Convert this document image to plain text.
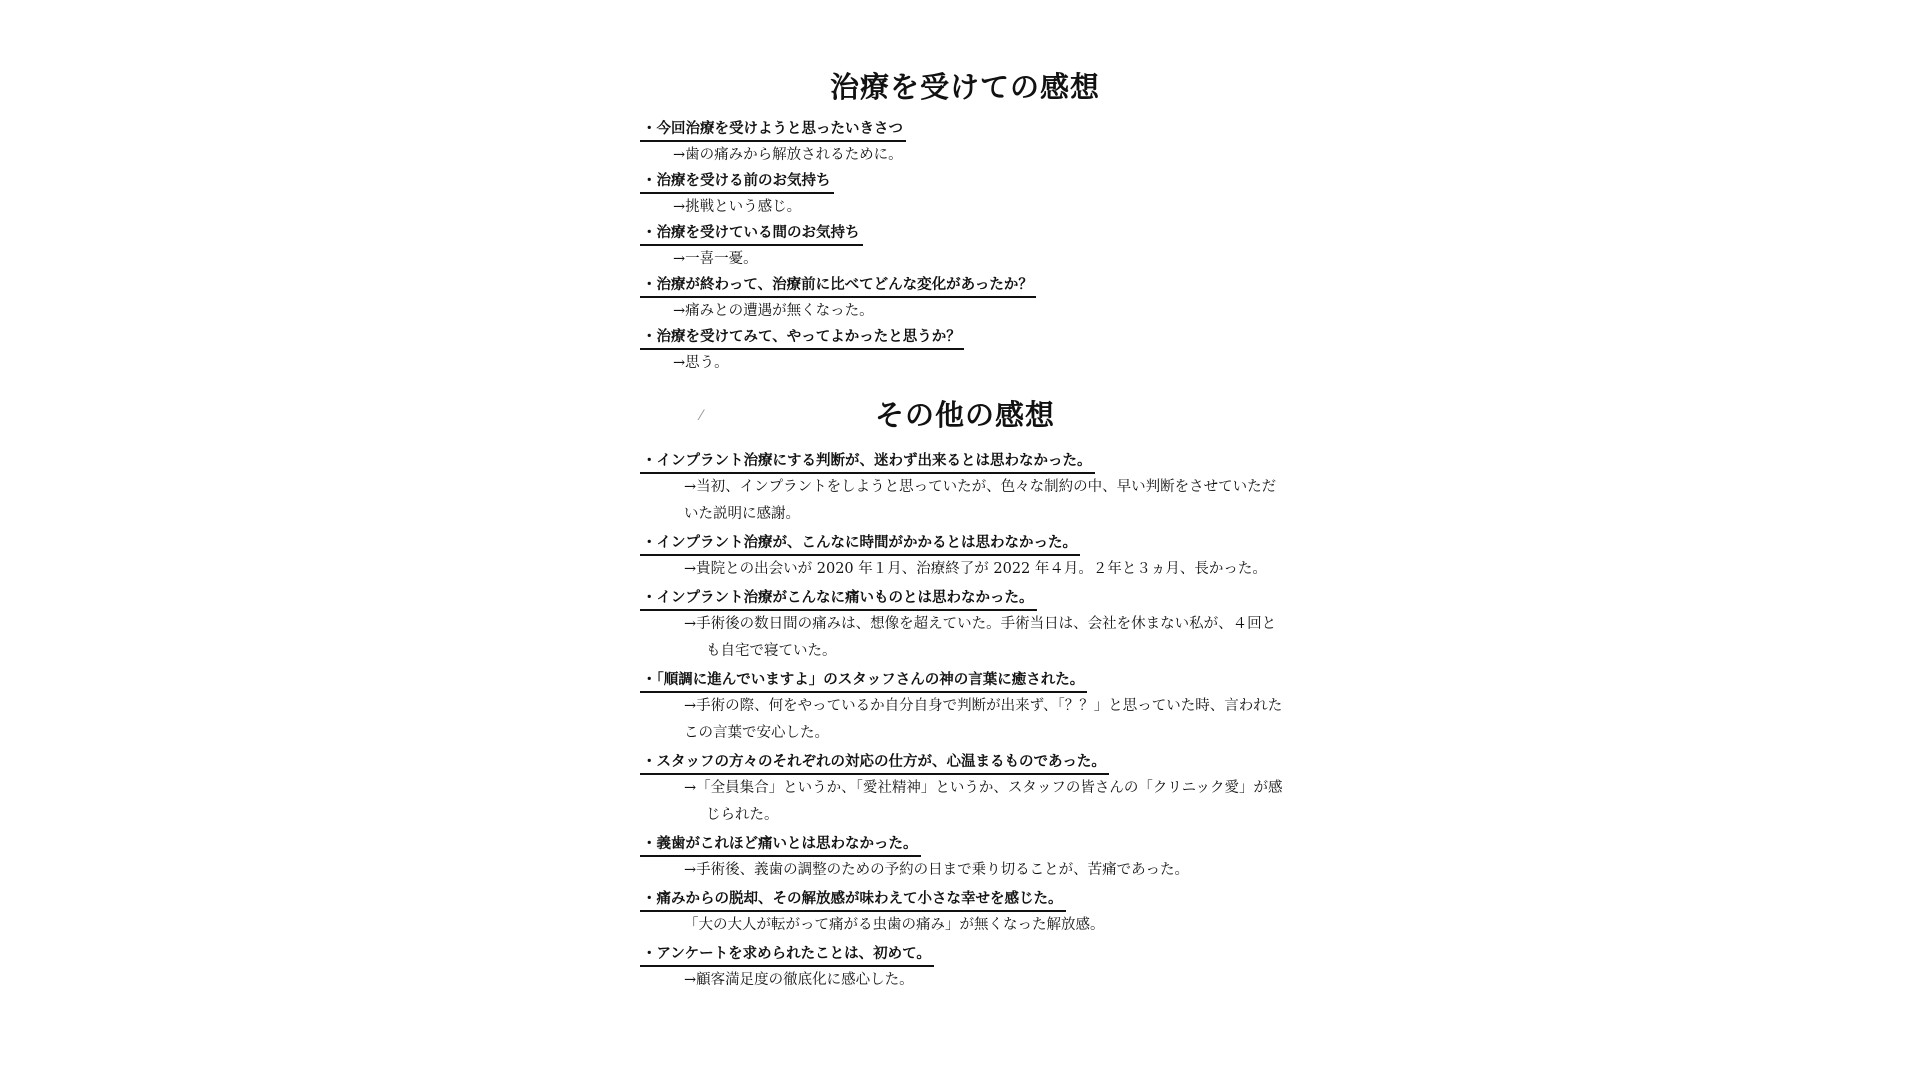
治療を受けての感想
・今回治療を受けようと思ったいきさつ
→歯の痛みから解放されるために。
・治療を受ける前のお気持ち
→挑戦という感じ。
・治療を受けている間のお気持ち
→一喜一憂。
・治療が終わって、治療前に比べてどんな変化があったか？
→痛みとの遭遇が無くなった。
・治療を受けてみて、やってよかったと思うか？
→思う。
その他の感想
・インプラント治療にする判断が、迷わず出来るとは思わなかった。
→当初、インプラントをしようと思っていたが、色々な制約の中、早い判断をさせていただいた説明に感謝。
・インプラント治療が、こんなに時間がかかるとは思わなかった。
→貴院との出会いが 2020 年１月、治療終了が 2022 年４月。２年と３ヵ月、長かった。
・インプラント治療がこんなに痛いものとは思わなかった。
→手術後の数日間の痛みは、想像を超えていた。手術当日は、会社を休まない私が、４回とも自宅で寝ていた。
・「順調に進んでいますよ」のスタッフさんの神の言葉に癒された。
→手術の際、何をやっているか自分自身で判断が出来ず、「？？」と思っていた時、言われたこの言葉で安心した。
・スタッフの方々のそれぞれの対応の仕方が、心温まるものであった。
→「全員集合」というか、「愛社精神」というか、スタッフの皆さんの「クリニック愛」が感じられた。
・義歯がこれほど痛いとは思わなかった。
→手術後、義歯の調整のための予約の日まで乗り切ることが、苦痛であった。
・痛みからの脱却、その解放感が味わえて小さな幸せを感じた。
「大の大人が転がって痛がる虫歯の痛み」が無くなった解放感。
・アンケートを求められたことは、初めて。
→顧客満足度の徹底化に感心した。
⁄
